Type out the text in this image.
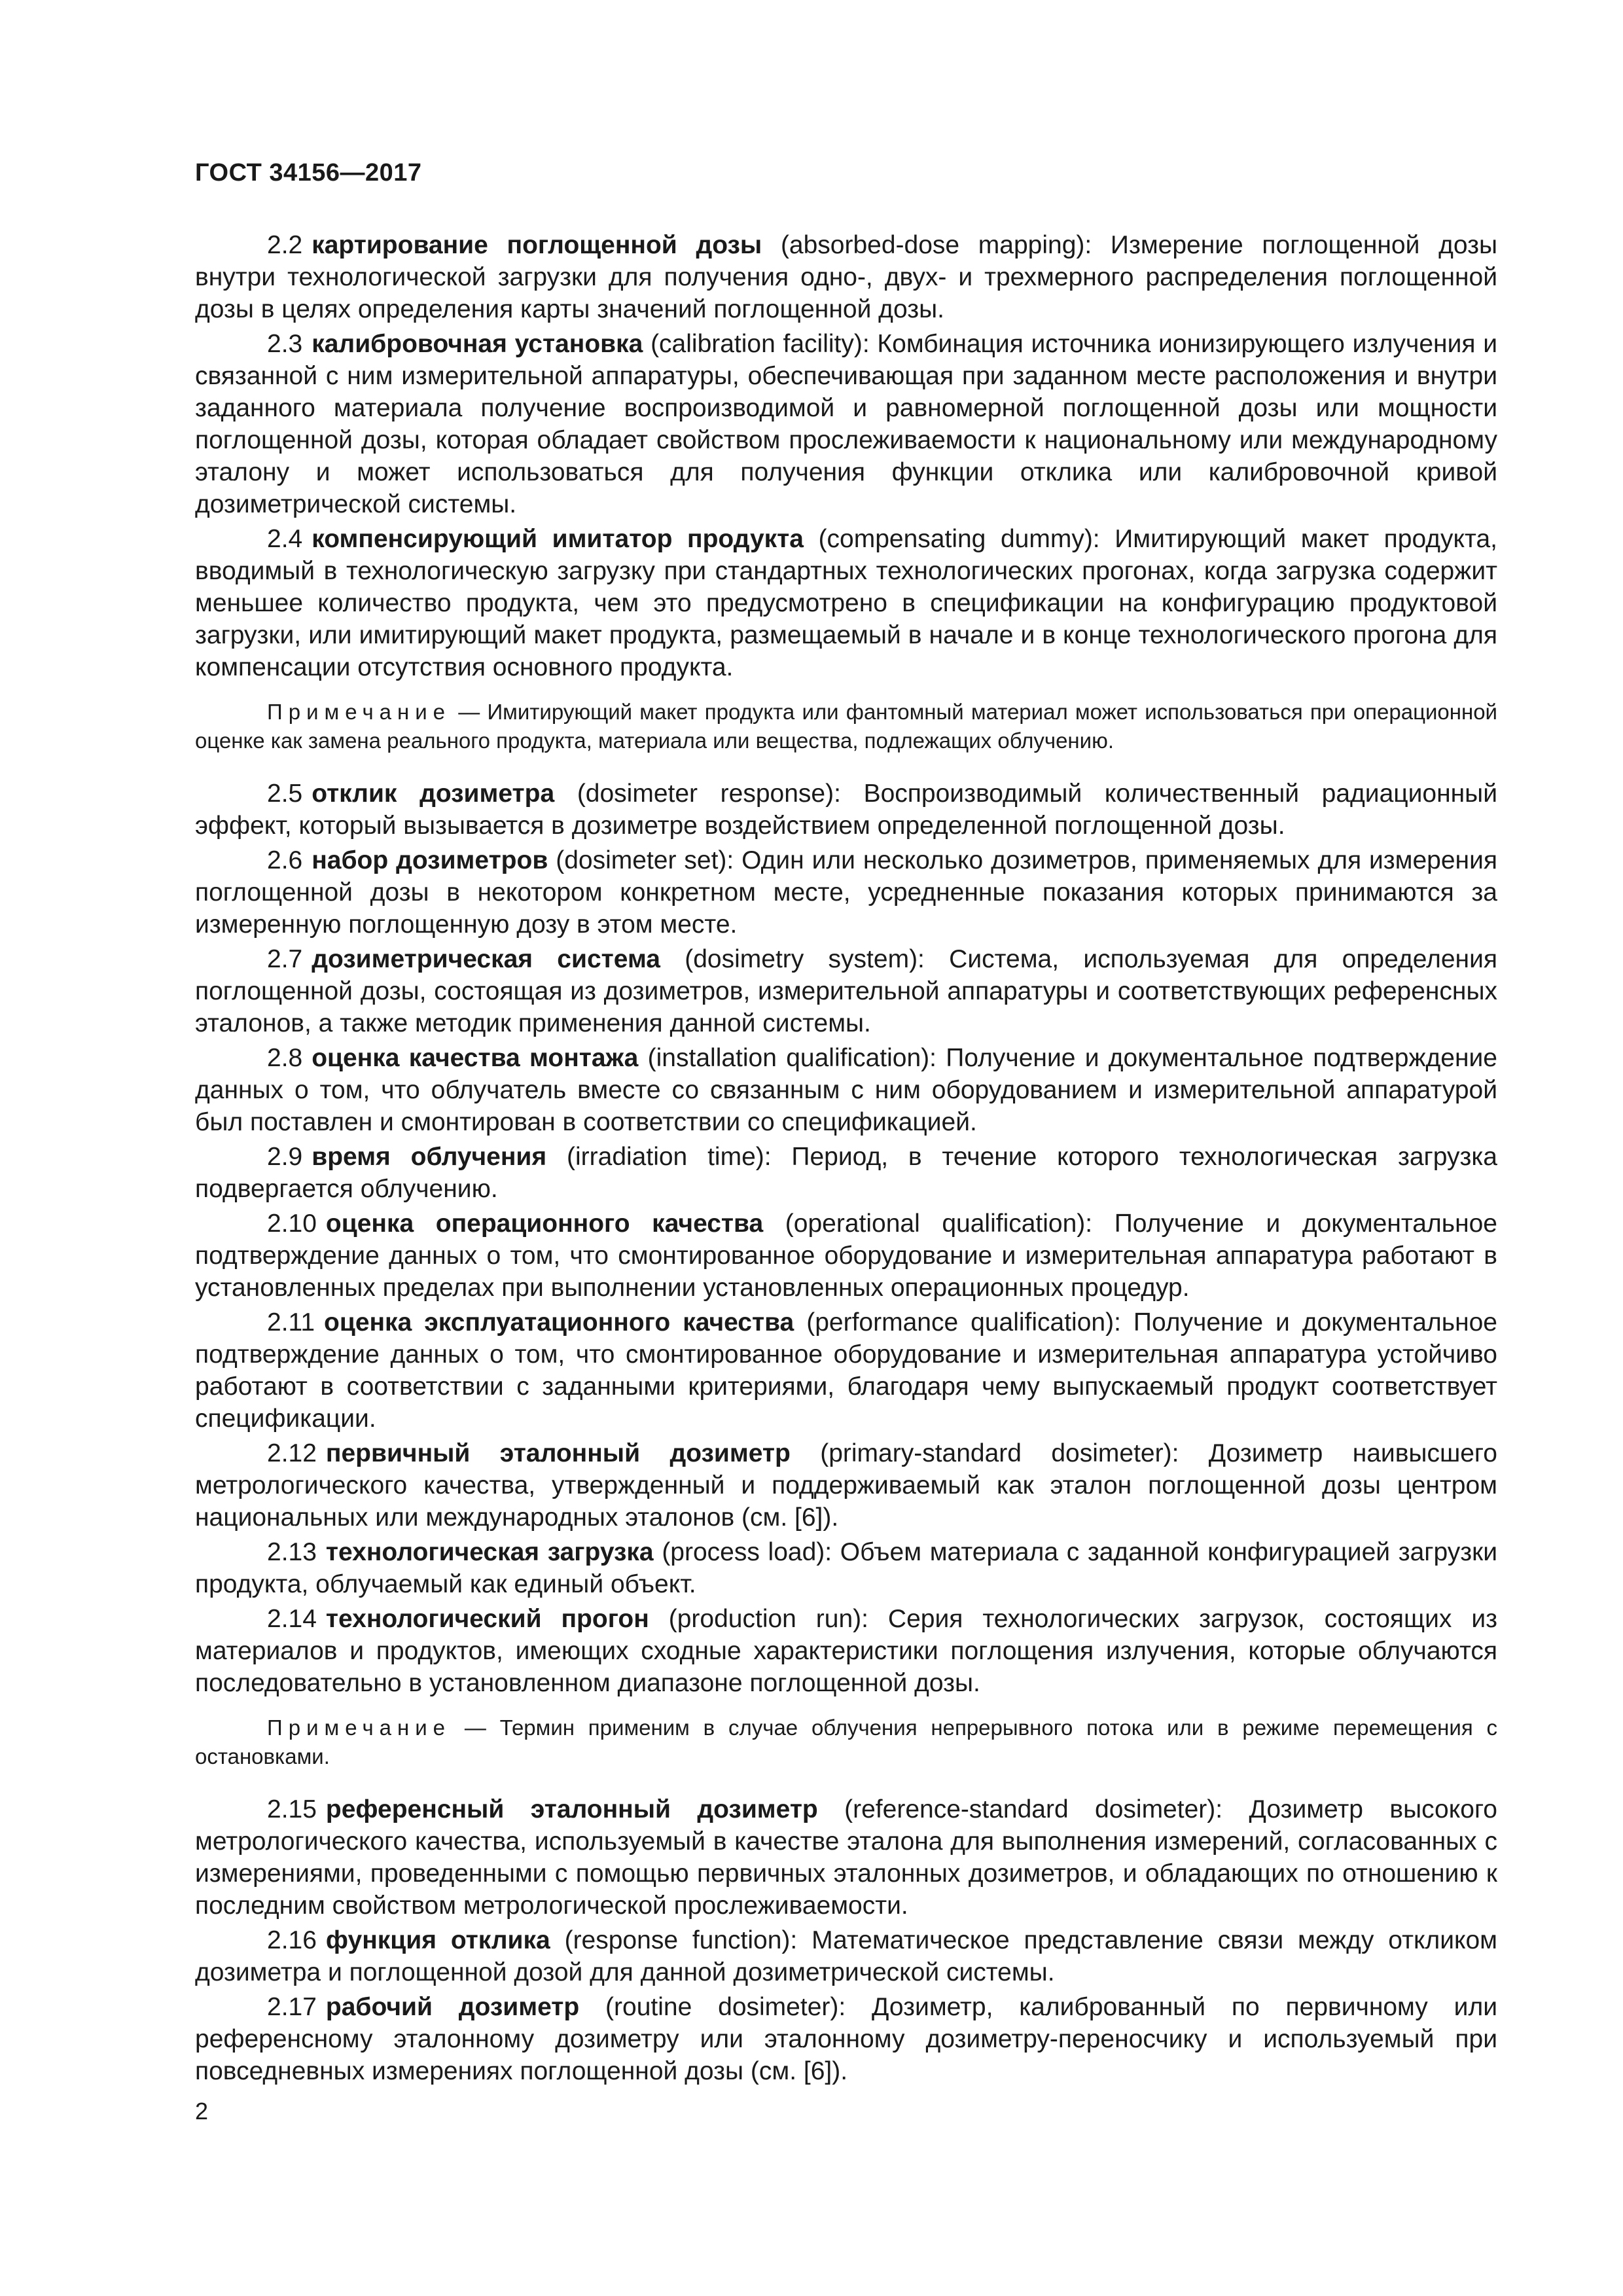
ГОСТ 34156—2017

2.2 картирование поглощенной дозы (absorbed-dose mapping): Измерение поглощенной дозы внутри технологической загрузки для получения одно-, двух- и трехмерного распределения поглощенной дозы в целях определения карты значений поглощенной дозы.

2.3 калибровочная установка (calibration facility): Комбинация источника ионизирующего излучения и связанной с ним измерительной аппаратуры, обеспечивающая при заданном месте расположения и внутри заданного материала получение воспроизводимой и равномерной поглощенной дозы или мощности поглощенной дозы, которая обладает свойством прослеживаемости к национальному или международному эталону и может использоваться для получения функции отклика или калибровочной кривой дозиметрической системы.

2.4 компенсирующий имитатор продукта (compensating dummy): Имитирующий макет продукта, вводимый в технологическую загрузку при стандартных технологических прогонах, когда загрузка содержит меньшее количество продукта, чем это предусмотрено в спецификации на конфигурацию продуктовой загрузки, или имитирующий макет продукта, размещаемый в начале и в конце технологического прогона для компенсации отсутствия основного продукта.

Примечание — Имитирующий макет продукта или фантомный материал может использоваться при операционной оценке как замена реального продукта, материала или вещества, подлежащих облучению.

2.5 отклик дозиметра (dosimeter response): Воспроизводимый количественный радиационный эффект, который вызывается в дозиметре воздействием определенной поглощенной дозы.

2.6 набор дозиметров (dosimeter set): Один или несколько дозиметров, применяемых для измерения поглощенной дозы в некотором конкретном месте, усредненные показания которых принимаются за измеренную поглощенную дозу в этом месте.

2.7 дозиметрическая система (dosimetry system): Система, используемая для определения поглощенной дозы, состоящая из дозиметров, измерительной аппаратуры и соответствующих референсных эталонов, а также методик применения данной системы.

2.8 оценка качества монтажа (installation qualification): Получение и документальное подтверждение данных о том, что облучатель вместе со связанным с ним оборудованием и измерительной аппаратурой был поставлен и смонтирован в соответствии со спецификацией.

2.9 время облучения (irradiation time): Период, в течение которого технологическая загрузка подвергается облучению.

2.10 оценка операционного качества (operational qualification): Получение и документальное подтверждение данных о том, что смонтированное оборудование и измерительная аппаратура работают в установленных пределах при выполнении установленных операционных процедур.

2.11 оценка эксплуатационного качества (performance qualification): Получение и документальное подтверждение данных о том, что смонтированное оборудование и измерительная аппаратура устойчиво работают в соответствии с заданными критериями, благодаря чему выпускаемый продукт соответствует спецификации.

2.12 первичный эталонный дозиметр (primary-standard dosimeter): Дозиметр наивысшего метрологического качества, утвержденный и поддерживаемый как эталон поглощенной дозы центром национальных или международных эталонов (см. [6]).

2.13 технологическая загрузка (process load): Объем материала с заданной конфигурацией загрузки продукта, облучаемый как единый объект.

2.14 технологический прогон (production run): Серия технологических загрузок, состоящих из материалов и продуктов, имеющих сходные характеристики поглощения излучения, которые облучаются последовательно в установленном диапазоне поглощенной дозы.

Примечание — Термин применим в случае облучения непрерывного потока или в режиме перемещения с остановками.

2.15 референсный эталонный дозиметр (reference-standard dosimeter): Дозиметр высокого метрологического качества, используемый в качестве эталона для выполнения измерений, согласованных с измерениями, проведенными с помощью первичных эталонных дозиметров, и обладающих по отношению к последним свойством метрологической прослеживаемости.

2.16 функция отклика (response function): Математическое представление связи между откликом дозиметра и поглощенной дозой для данной дозиметрической системы.

2.17 рабочий дозиметр (routine dosimeter): Дозиметр, калиброванный по первичному или референсному эталонному дозиметру или эталонному дозиметру-переносчику и используемый при повседневных измерениях поглощенной дозы (см. [6]).

2
